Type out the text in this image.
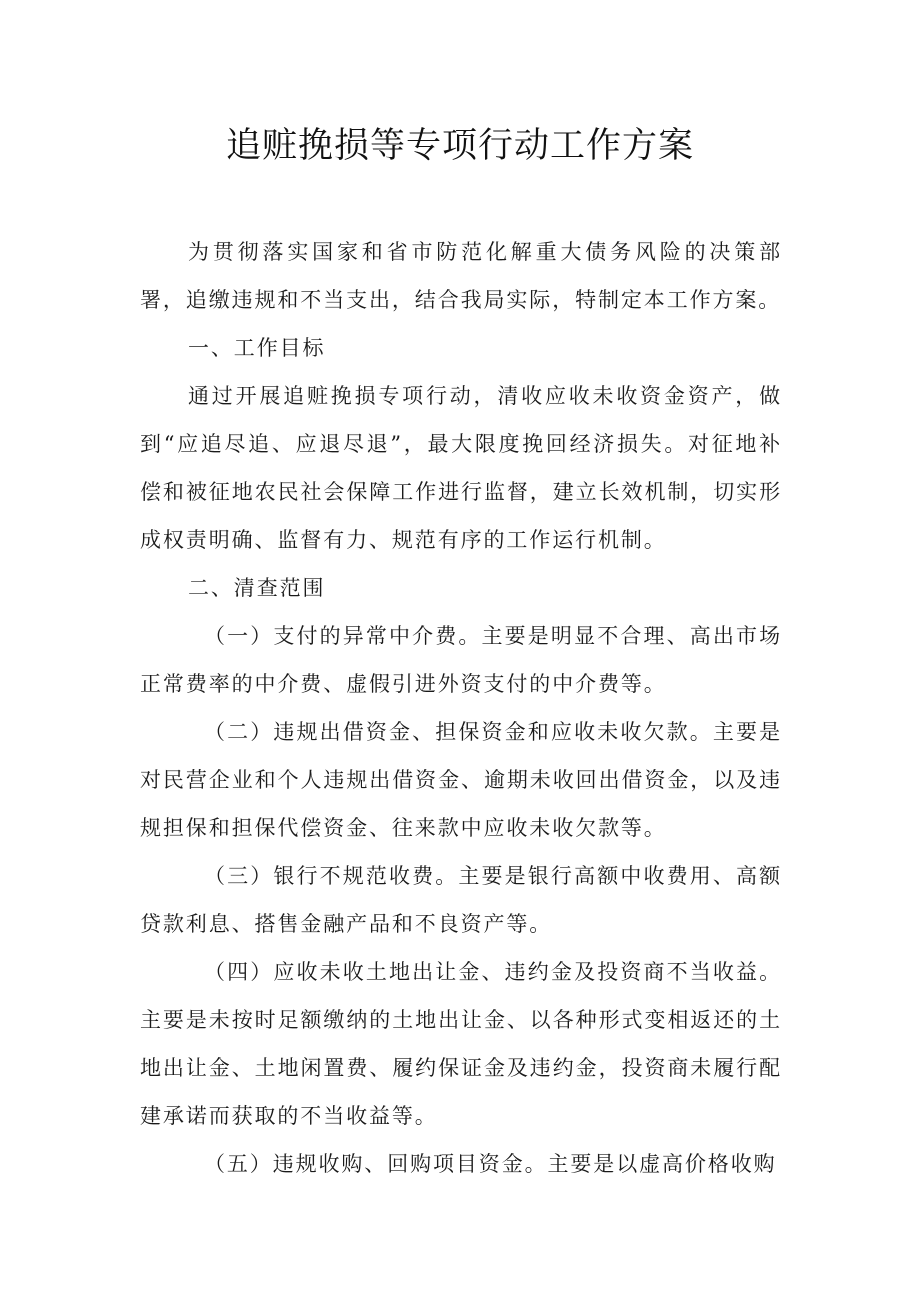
追赃挽损等专项行动工作方案

为贯彻落实国家和省市防范化解重大债务风险的决策部署，追缴违规和不当支出，结合我局实际，特制定本工作方案。

一、工作目标

通过开展追赃挽损专项行动，清收应收未收资金资产，做到“应追尽追、应退尽退”，最大限度挽回经济损失。对征地补偿和被征地农民社会保障工作进行监督，建立长效机制，切实形成权责明确、监督有力、规范有序的工作运行机制。

二、清查范围

（一）支付的异常中介费。主要是明显不合理、高出市场正常费率的中介费、虚假引进外资支付的中介费等。

（二）违规出借资金、担保资金和应收未收欠款。主要是对民营企业和个人违规出借资金、逾期未收回出借资金，以及违规担保和担保代偿资金、往来款中应收未收欠款等。

（三）银行不规范收费。主要是银行高额中收费用、高额贷款利息、搭售金融产品和不良资产等。

（四）应收未收土地出让金、违约金及投资商不当收益。主要是未按时足额缴纳的土地出让金、以各种形式变相返还的土地出让金、土地闲置费、履约保证金及违约金，投资商未履行配建承诺而获取的不当收益等。

（五）违规收购、回购项目资金。主要是以虚高价格收购
